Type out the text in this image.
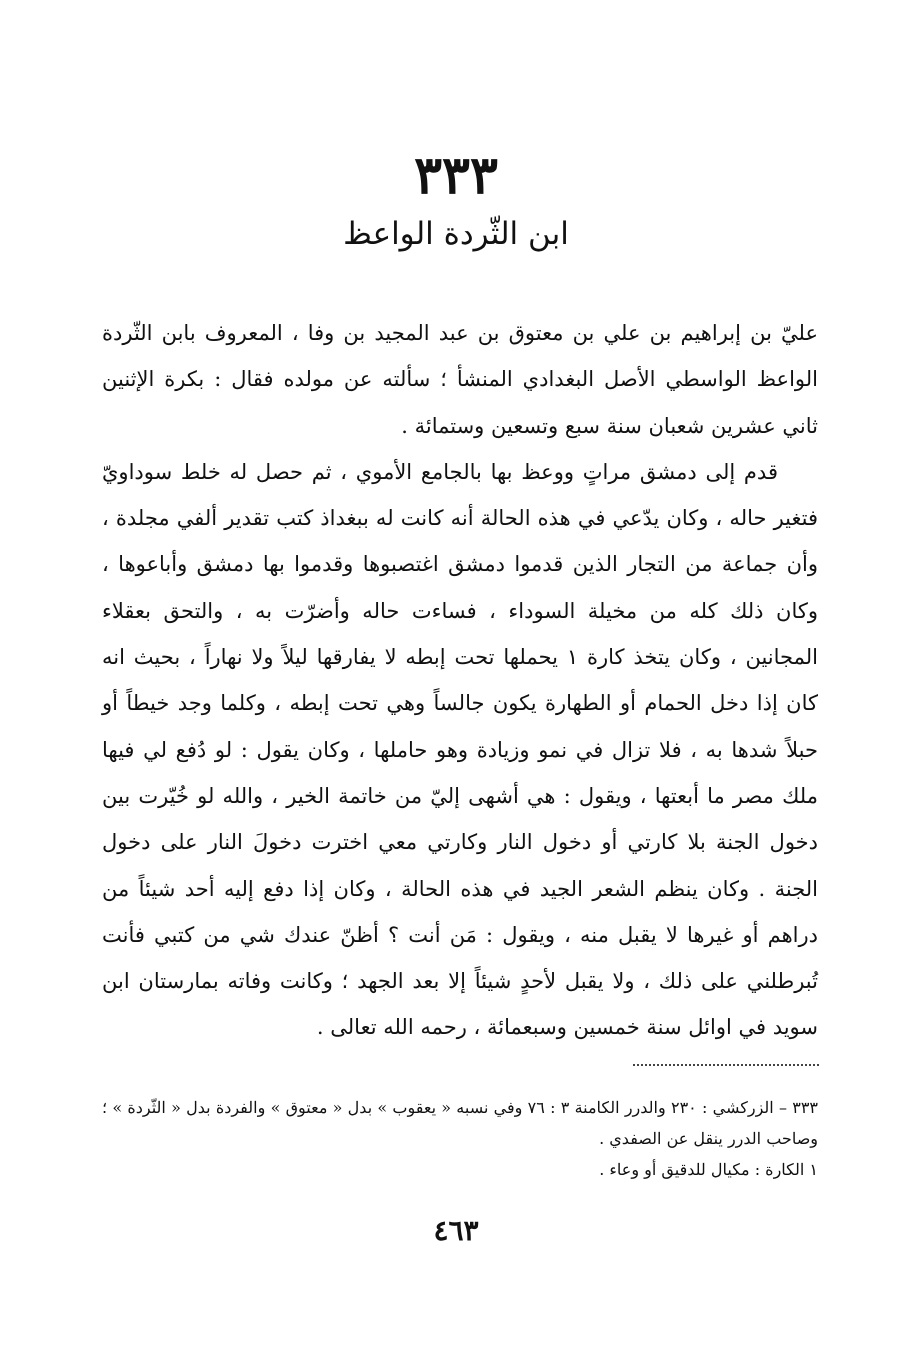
٣٣٣
ابن الثّردة الواعظ

عليّ بن إبراهيم بن علي بن معتوق بن عبد المجيد بن وفا ، المعروف بابن الثّردة الواعظ الواسطي الأصل البغدادي المنشأ ؛ سألته عن مولده فقال : بكرة الإثنين ثاني عشرين شعبان سنة سبع وتسعين وستمائة .

قدم إلى دمشق مراتٍ ووعظ بها بالجامع الأموي ، ثم حصل له خلط سوداويّ فتغير حاله ، وكان يدّعي في هذه الحالة أنه كانت له ببغداذ كتب تقدير ألفي مجلدة ، وأن جماعة من التجار الذين قدموا دمشق اغتصبوها وقدموا بها دمشق وأباعوها ، وكان ذلك كله من مخيلة السوداء ، فساءت حاله وأضرّت به ، والتحق بعقلاء المجانين ، وكان يتخذ كارة ١ يحملها تحت إبطه لا يفارقها ليلاً ولا نهاراً ، بحيث انه كان إذا دخل الحمام أو الطهارة يكون جالساً وهي تحت إبطه ، وكلما وجد خيطاً أو حبلاً شدها به ، فلا تزال في نمو وزيادة وهو حاملها ، وكان يقول : لو دُفع لي فيها ملك مصر ما أبعتها ، ويقول : هي أشهى إليّ من خاتمة الخير ، والله لو خُيّرت بين دخول الجنة بلا كارتي أو دخول النار وكارتي معي اخترت دخولَ النار على دخول الجنة . وكان ينظم الشعر الجيد في هذه الحالة ، وكان إذا دفع إليه أحد شيئاً من دراهم أو غيرها لا يقبل منه ، ويقول : مَن أنت ؟ أظنّ عندك شي من كتبي فأنت تُبرطلني على ذلك ، ولا يقبل لأحدٍ شيئاً إلا بعد الجهد ؛ وكانت وفاته بمارستان ابن سويد في اوائل سنة خمسين وسبعمائة ، رحمه الله تعالى .

٣٣٣ – الزركشي : ٢٣٠ والدرر الكامنة ٣ : ٧٦ وفي نسبه « يعقوب » بدل « معتوق » والفردة بدل « الثّردة » ؛ وصاحب الدرر ينقل عن الصفدي .

١ الكارة : مكيال للدقيق أو وعاء .

٤٦٣
